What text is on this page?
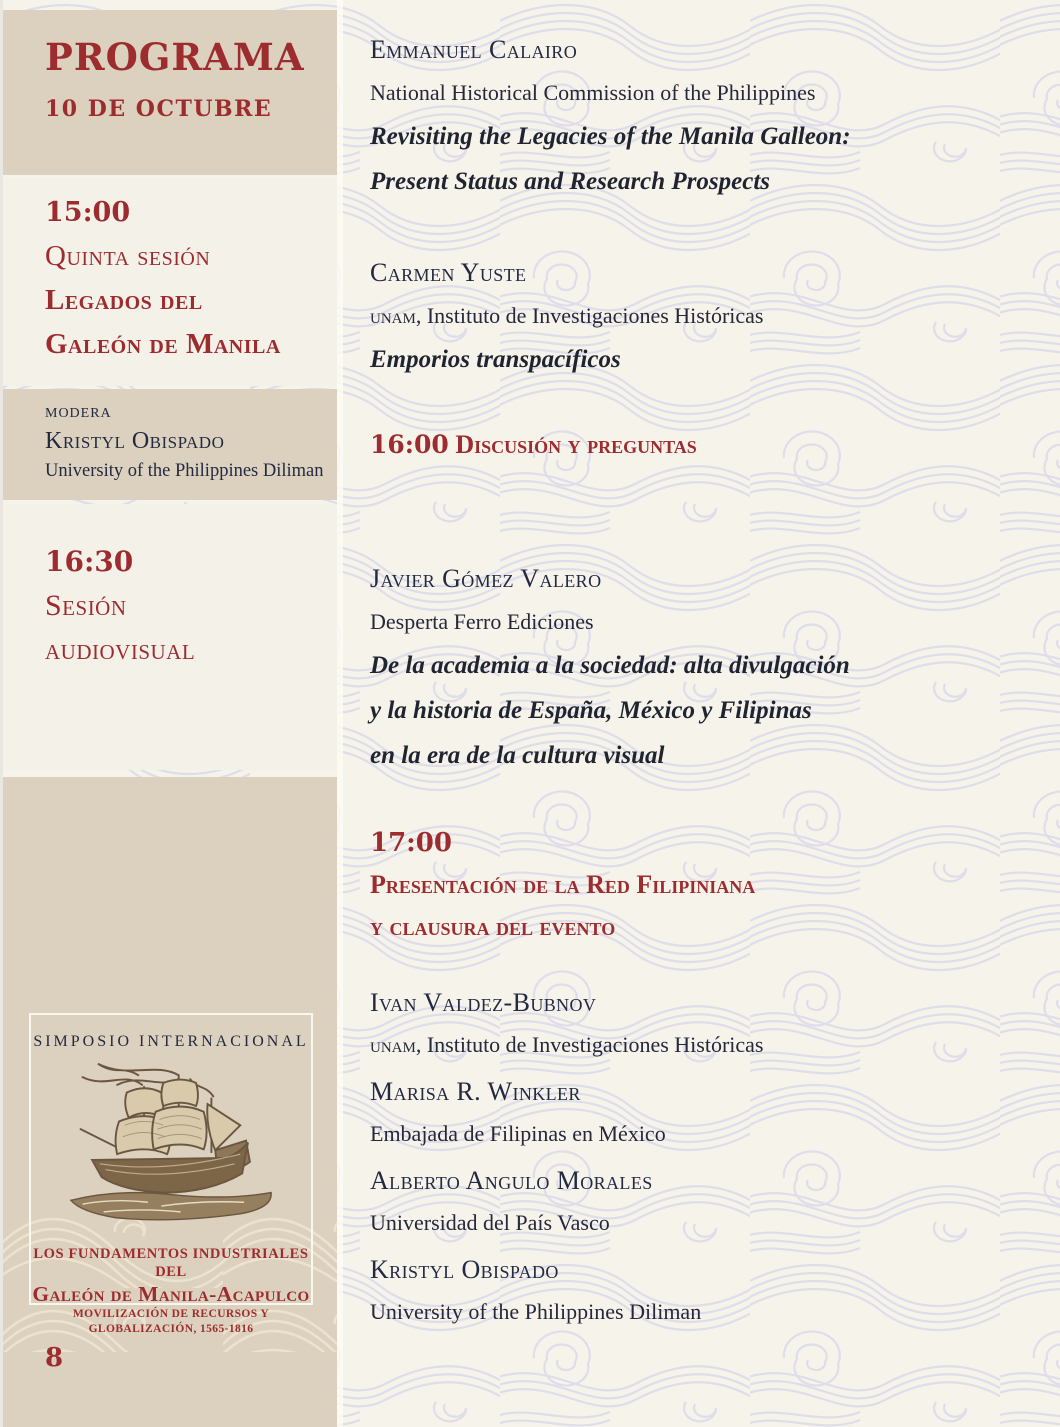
PROGRAMA
10 DE OCTUBRE
15:00
Quinta sesión
Legados del
Galeón de Manila
modera
Kristyl Obispado
University of the Philippines Diliman
16:30
Sesión
audiovisual
SIMPOSIO INTERNACIONAL
LOS FUNDAMENTOS INDUSTRIALES DEL
Galeón de Manila-Acapulco
MOVILIZACIÓN DE RECURSOS Y GLOBALIZACIÓN, 1565-1816
8
Emmanuel Calairo
National Historical Commission of the Philippines
Revisiting the Legacies of the Manila Galleon:
Present Status and Research Prospects
Carmen Yuste
unam, Instituto de Investigaciones Históricas
Emporios transpacíficos
16:00 Discusión y preguntas
Javier Gómez Valero
Desperta Ferro Ediciones
De la academia a la sociedad: alta divulgación
y la historia de España, México y Filipinas
en la era de la cultura visual
17:00
Presentación de la Red Filipiniana
y clausura del evento
Ivan Valdez-Bubnov
unam, Instituto de Investigaciones Históricas
Marisa R. Winkler
Embajada de Filipinas en México
Alberto Angulo Morales
Universidad del País Vasco
Kristyl Obispado
University of the Philippines Diliman
